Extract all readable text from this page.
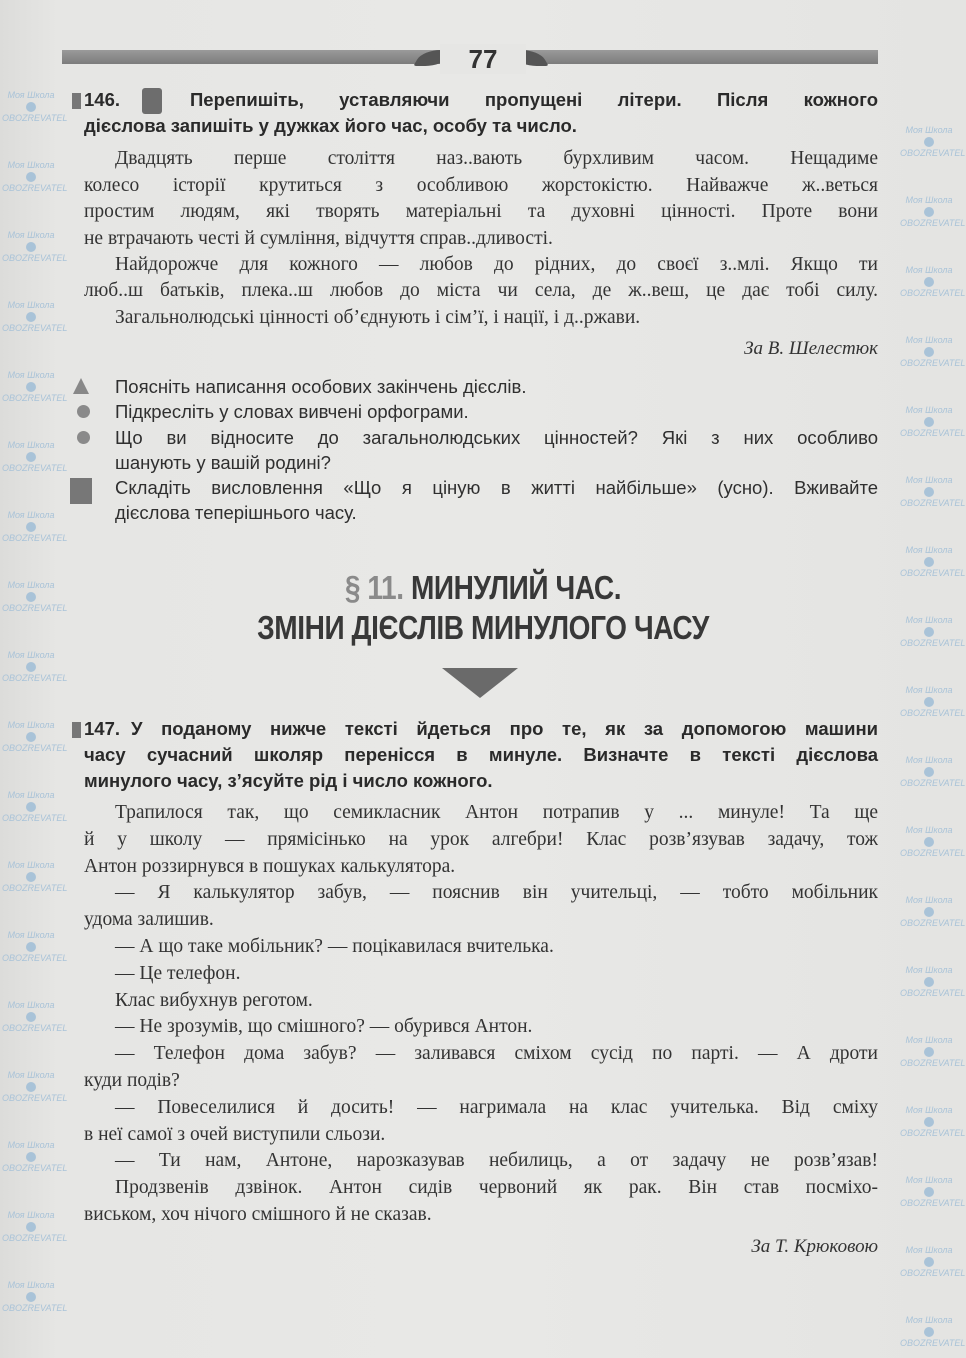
77
§ 11. МИНУЛИЙ ЧАС.
ЗМІНИ ДІЄСЛІВ МИНУЛОГО ЧАСУ
146.	Перепишіть, уставляючи пропущені літери. Після кожного
дієслова запишіть у дужках його час, особу та число.
Двадцять перше століття наз..вають бурхливим часом. Нещадиме
колесо історії крутиться з особливою жорстокістю. Найважче ж..веться
простим людям, які творять матеріальні та духовні цінності. Проте вони
не втрачають честі й сумління, відчуття справ..дливості.
Найдорожче для кожного — любов до рідних, до своєї з..млі. Якщо ти
люб..ш батьків, плека..ш любов до міста чи села, де ж..веш, це дає тобі силу.
Загальнолюдські цінності об’єднують і сім’ї, і нації, і д..ржави.
За В. Шелестюк
Поясніть написання особових закінчень дієслів.
Підкресліть у словах вивчені орфограми.
Що ви відносите до загальнолюдських цінностей? Які з них особливо
шанують у вашій родині?
Складіть висловлення «Що я ціную в житті найбільше» (усно). Вживайте
дієслова теперішнього часу.
147. У поданому нижче тексті йдеться про те, як за допомогою машини
часу сучасний школяр перенісся в минуле. Визначте в тексті дієслова
минулого часу, з’ясуйте рід і число кожного.
Трапилося так, що семикласник Антон потрапив у ... минуле! Та ще
й у школу — прямісінько на урок алгебри! Клас розв’язував задачу, тож
Антон роззирнувся в пошуках калькулятора.
— Я калькулятор забув, — пояснив він учительці, — тобто мобільник
удома залишив.
— А що таке мобільник? — поцікавилася вчителька.
— Це телефон.
Клас вибухнув реготом.
— Не зрозумів, що смішного? — обурився Антон.
— Телефон дома забув? — заливався сміхом сусід по парті. — А дроти
куди подів?
— Повеселилися й досить! — нагримала на клас учителька. Від сміху
в неї самої з очей виступили сльози.
— Ти нам, Антоне, нарозказував небилиць, а от задачу не розв’язав!
Продзвенів дзвінок. Антон сидів червоний як рак. Він став посміхо-
виськом, хоч нічого смішного й не сказав.
За Т. Крюковою
Моя Школа
OBOZREVATEL
Моя Школа
OBOZREVATEL
Моя Школа
OBOZREVATEL
Моя Школа
OBOZREVATEL
Моя Школа
OBOZREVATEL
Моя Школа
OBOZREVATEL
Моя Школа
OBOZREVATEL
Моя Школа
OBOZREVATEL
Моя Школа
OBOZREVATEL
Моя Школа
OBOZREVATEL
Моя Школа
OBOZREVATEL
Моя Школа
OBOZREVATEL
Моя Школа
OBOZREVATEL
Моя Школа
OBOZREVATEL
Моя Школа
OBOZREVATEL
Моя Школа
OBOZREVATEL
Моя Школа
OBOZREVATEL
Моя Школа
OBOZREVATEL
Моя Школа
OBOZREVATEL
Моя Школа
OBOZREVATEL
Моя Школа
OBOZREVATEL
Моя Школа
OBOZREVATEL
Моя Школа
OBOZREVATEL
Моя Школа
OBOZREVATEL
Моя Школа
OBOZREVATEL
Моя Школа
OBOZREVATEL
Моя Школа
OBOZREVATEL
Моя Школа
OBOZREVATEL
Моя Школа
OBOZREVATEL
Моя Школа
OBOZREVATEL
Моя Школа
OBOZREVATEL
Моя Школа
OBOZREVATEL
Моя Школа
OBOZREVATEL
Моя Школа
OBOZREVATEL
Моя Школа
OBOZREVATEL
Моя Школа
OBOZREVATEL
